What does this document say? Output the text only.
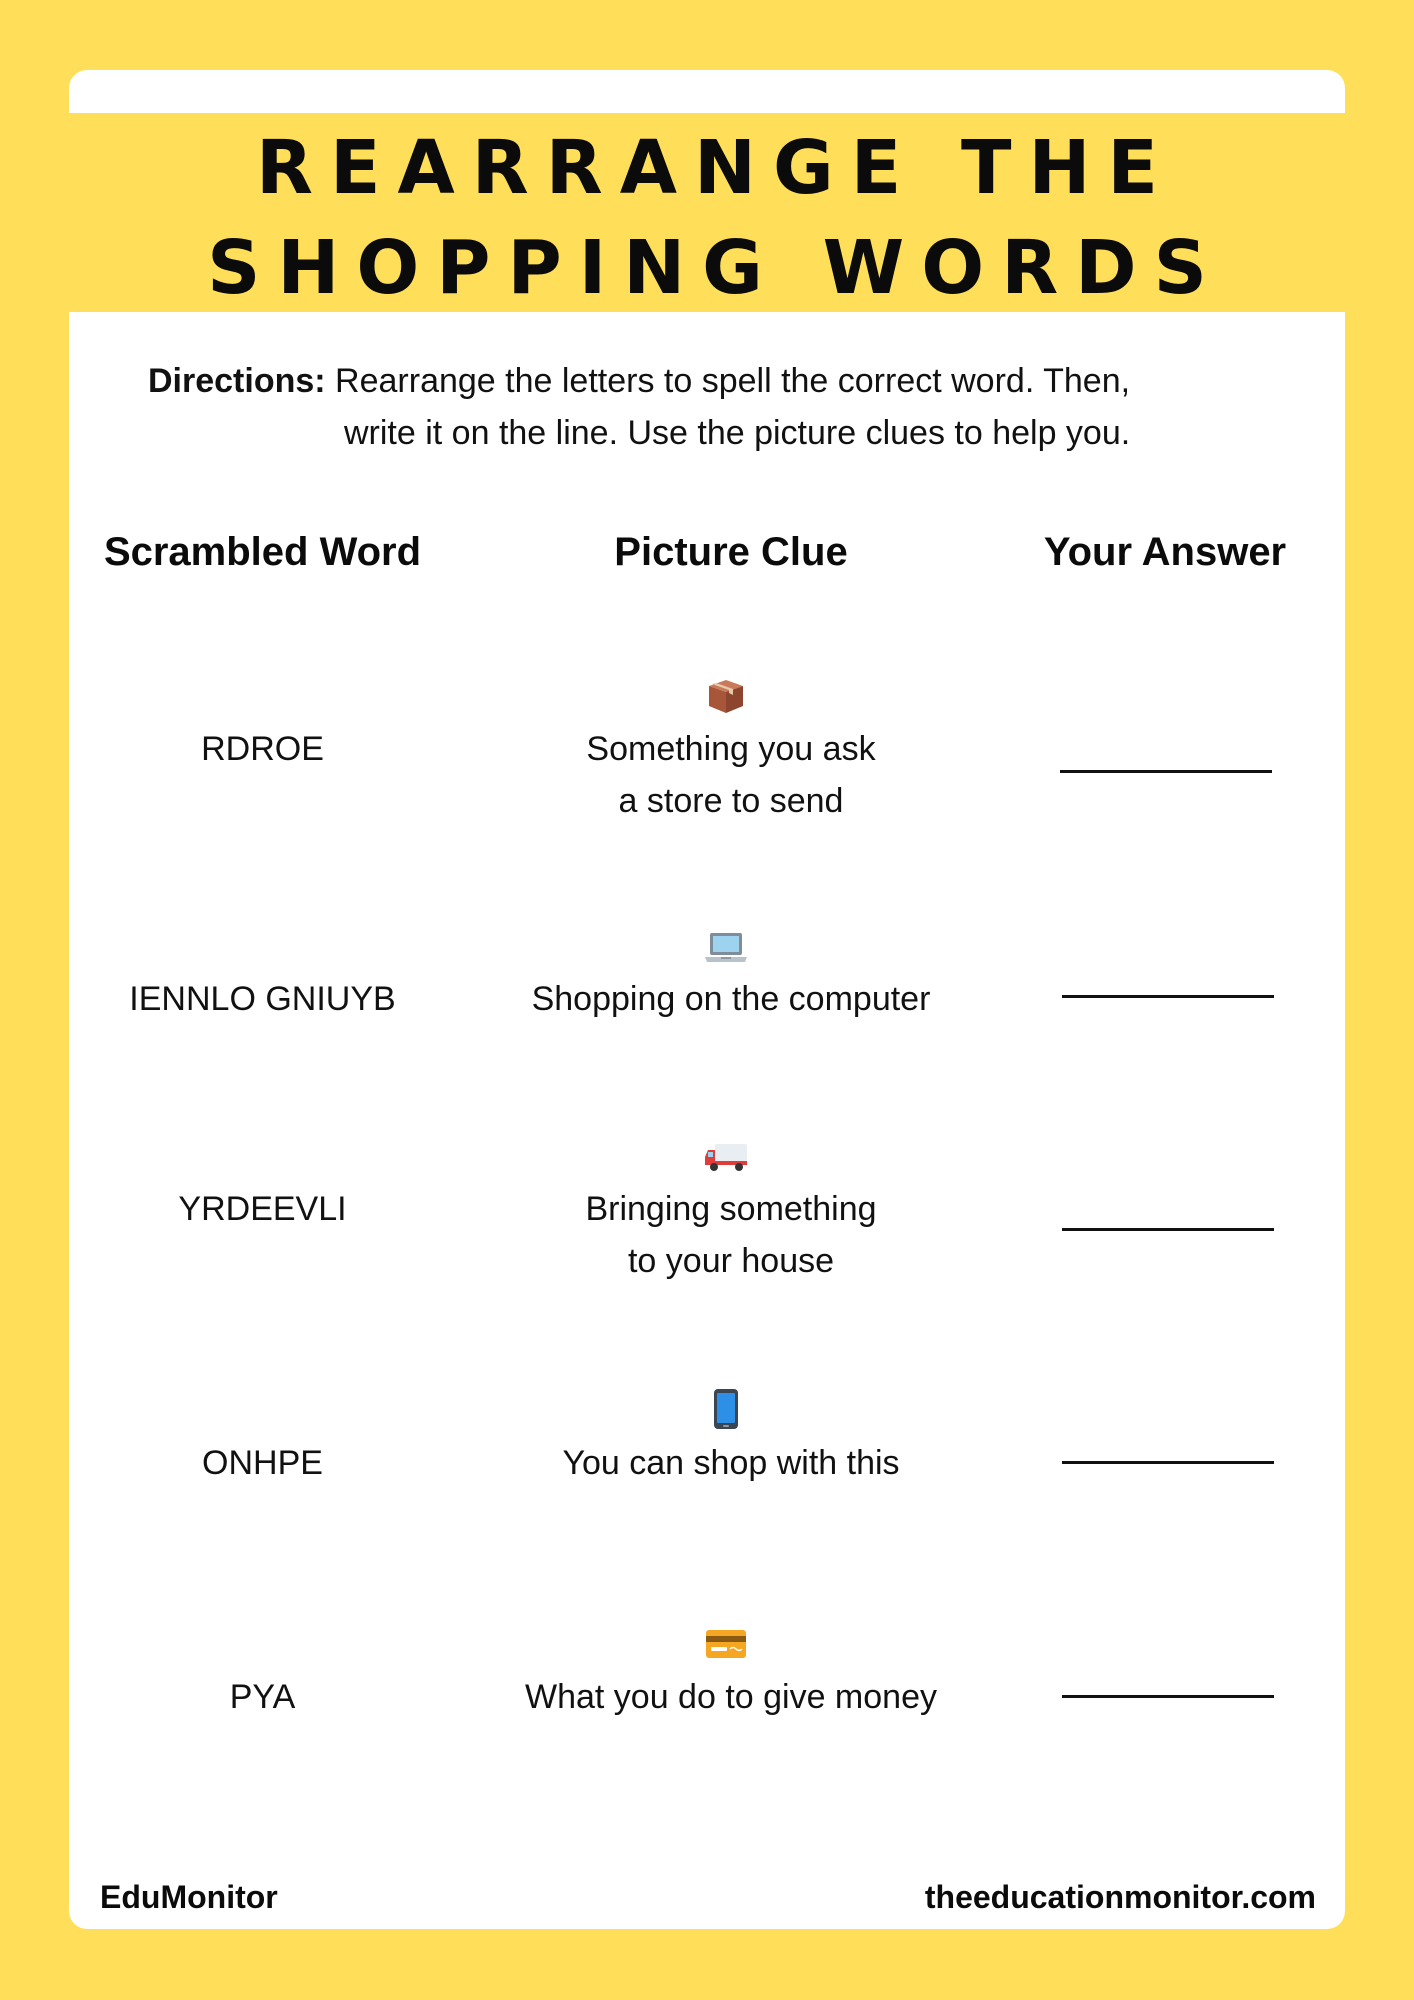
REARRANGE THE
SHOPPING WORDS
Directions: Rearrange the letters to spell the correct word. Then,
write it on the line. Use the picture clues to help you.
Scrambled Word	Picture Clue	Your Answer
RDROE	Something you ask
a store to send
IENNLO GNIUYB	Shopping on the computer
YRDEEVLI	Bringing something
to your house
ONHPE	You can shop with this
PYA	What you do to give money
EduMonitor	theeducationmonitor.com
